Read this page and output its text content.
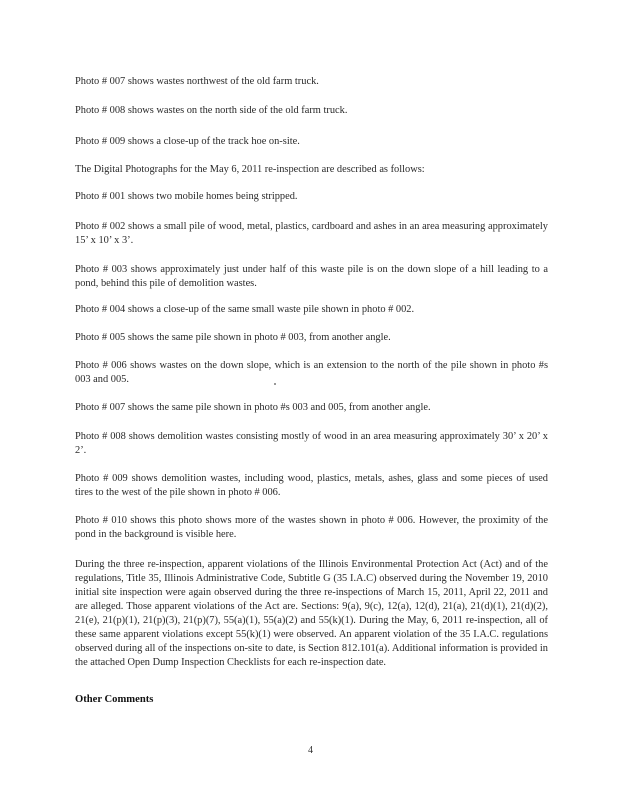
Photo # 007 shows wastes northwest of the old farm truck.

Photo # 008 shows wastes on the north side of the old farm truck.

Photo # 009 shows a close-up of the track hoe on-site.

The Digital Photographs for the May 6, 2011 re-inspection are described as follows:

Photo # 001 shows two mobile homes being stripped.

Photo # 002 shows a small pile of wood, metal, plastics, cardboard and ashes in an area measuring approximately 15’ x 10’ x 3’.

Photo # 003 shows approximately just under half of this waste pile is on the down slope of a hill leading to a pond, behind this pile of demolition wastes.

Photo # 004 shows a close-up of the same small waste pile shown in photo # 002.

Photo # 005 shows the same pile shown in photo # 003, from another angle.

Photo # 006 shows wastes on the down slope, which is an extension to the north of the pile shown in photo #s 003 and 005.

Photo # 007 shows the same pile shown in photo #s 003 and 005, from another angle.

Photo # 008 shows demolition wastes consisting mostly of wood in an area measuring approximately 30’ x 20’ x 2’.

Photo # 009 shows demolition wastes, including wood, plastics, metals, ashes, glass and some pieces of used tires to the west of the pile shown in photo # 006.

Photo # 010 shows this photo shows more of the wastes shown in photo # 006. However, the proximity of the pond in the background is visible here.

During the three re-inspection, apparent violations of the Illinois Environmental Protection Act (Act) and of the regulations, Title 35, Illinois Administrative Code, Subtitle G (35 I.A.C) observed during the November 19, 2010 initial site inspection were again observed during the three re-inspections of March 15, 2011, April 22, 2011 and are alleged. Those apparent violations of the Act are. Sections: 9(a), 9(c), 12(a), 12(d), 21(a), 21(d)(1), 21(d)(2), 21(e), 21(p)(1), 21(p)(3), 21(p)(7), 55(a)(1), 55(a)(2) and 55(k)(1). During the May, 6, 2011 re-inspection, all of these same apparent violations except 55(k)(1) were observed. An apparent violation of the 35 I.A.C. regulations observed during all of the inspections on-site to date, is Section 812.101(a). Additional information is provided in the attached Open Dump Inspection Checklists for each re-inspection date.

Other Comments

4
